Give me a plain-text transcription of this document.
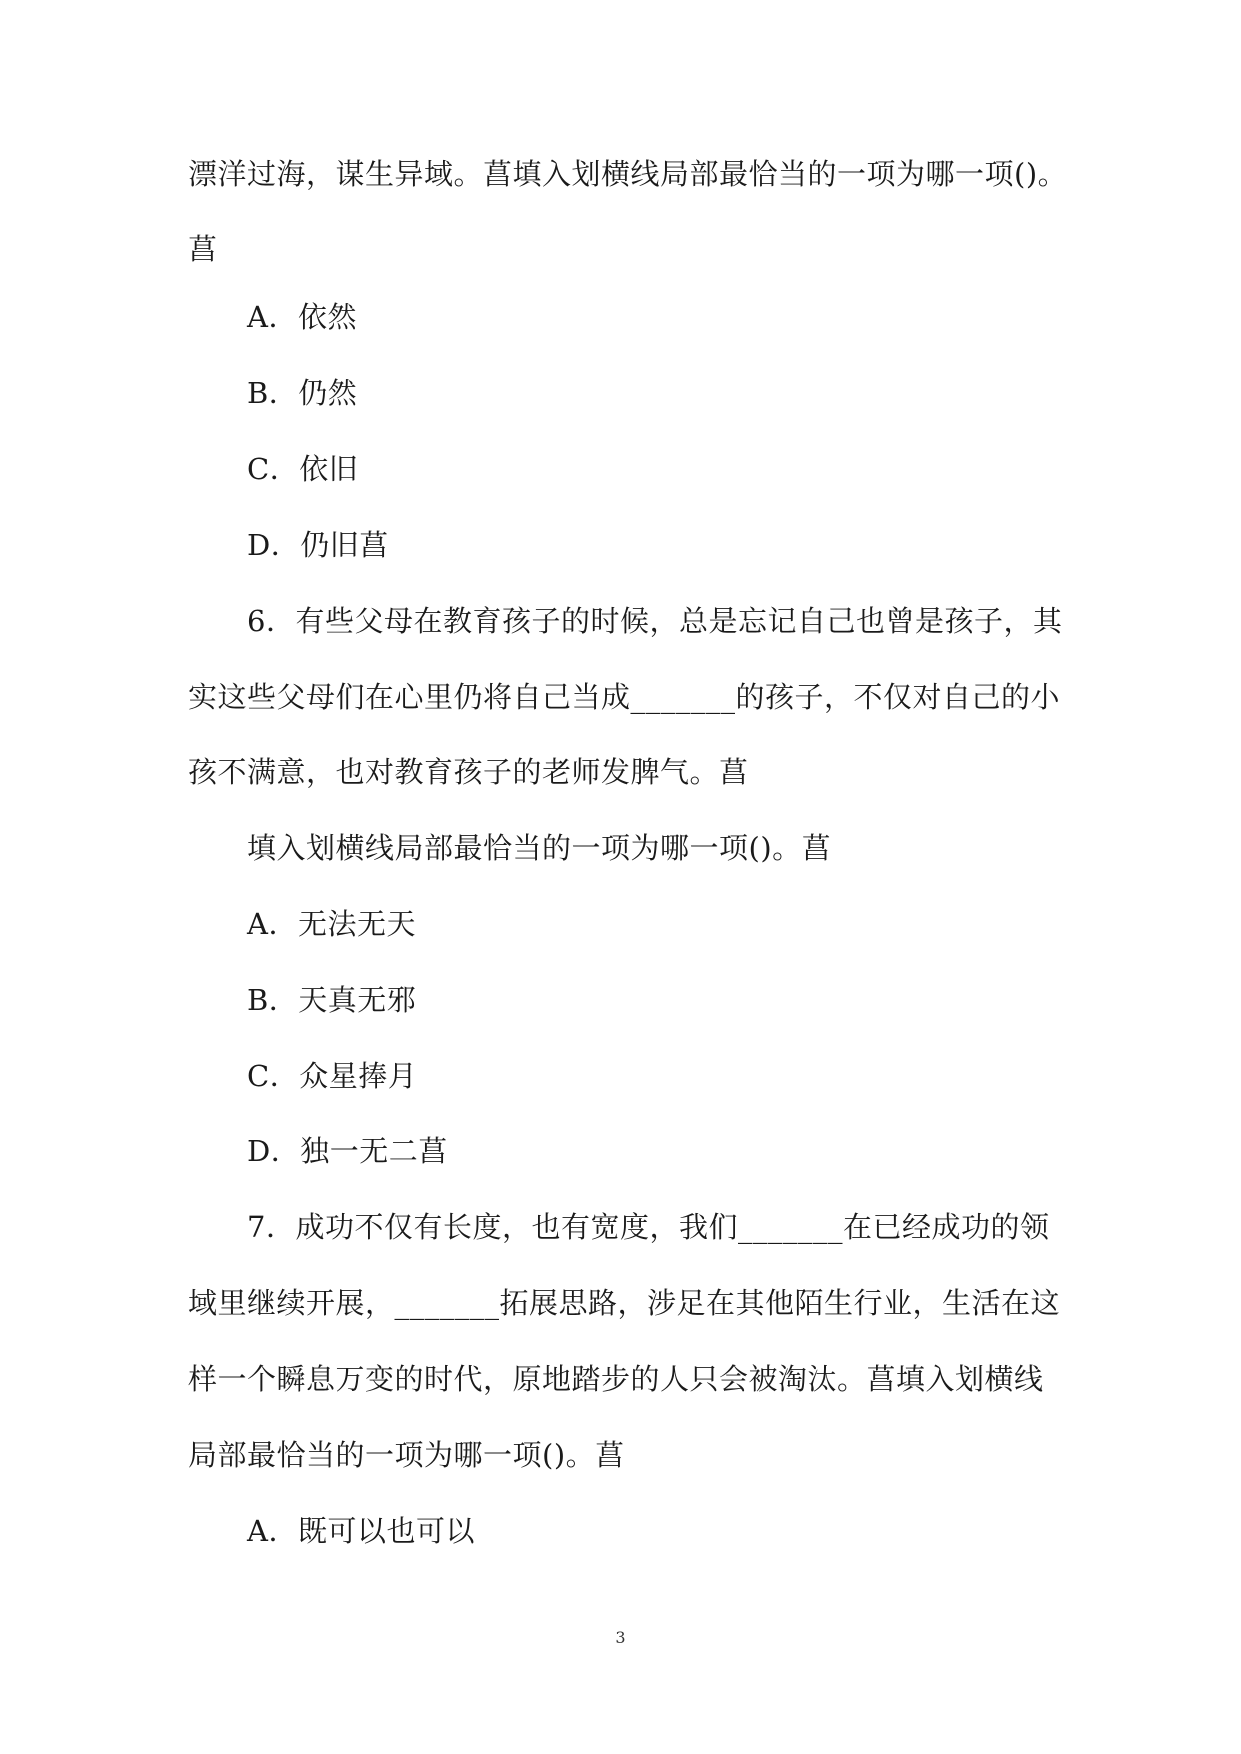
漂洋过海，谋生异域。菖填入划横线局部最恰当的一项为哪一项()。
菖
A．依然
B．仍然
C．依旧
D．仍旧菖
6．有些父母在教育孩子的时候，总是忘记自己也曾是孩子，其
实这些父母们在心里仍将自己当成_______的孩子，不仅对自己的小
孩不满意，也对教育孩子的老师发脾气。菖
填入划横线局部最恰当的一项为哪一项()。菖
A．无法无天
B．天真无邪
C．众星捧月
D．独一无二菖
7．成功不仅有长度，也有宽度，我们_______在已经成功的领
域里继续开展，_______拓展思路，涉足在其他陌生行业，生活在这
样一个瞬息万变的时代，原地踏步的人只会被淘汰。菖填入划横线
局部最恰当的一项为哪一项()。菖
A．既可以也可以
3
